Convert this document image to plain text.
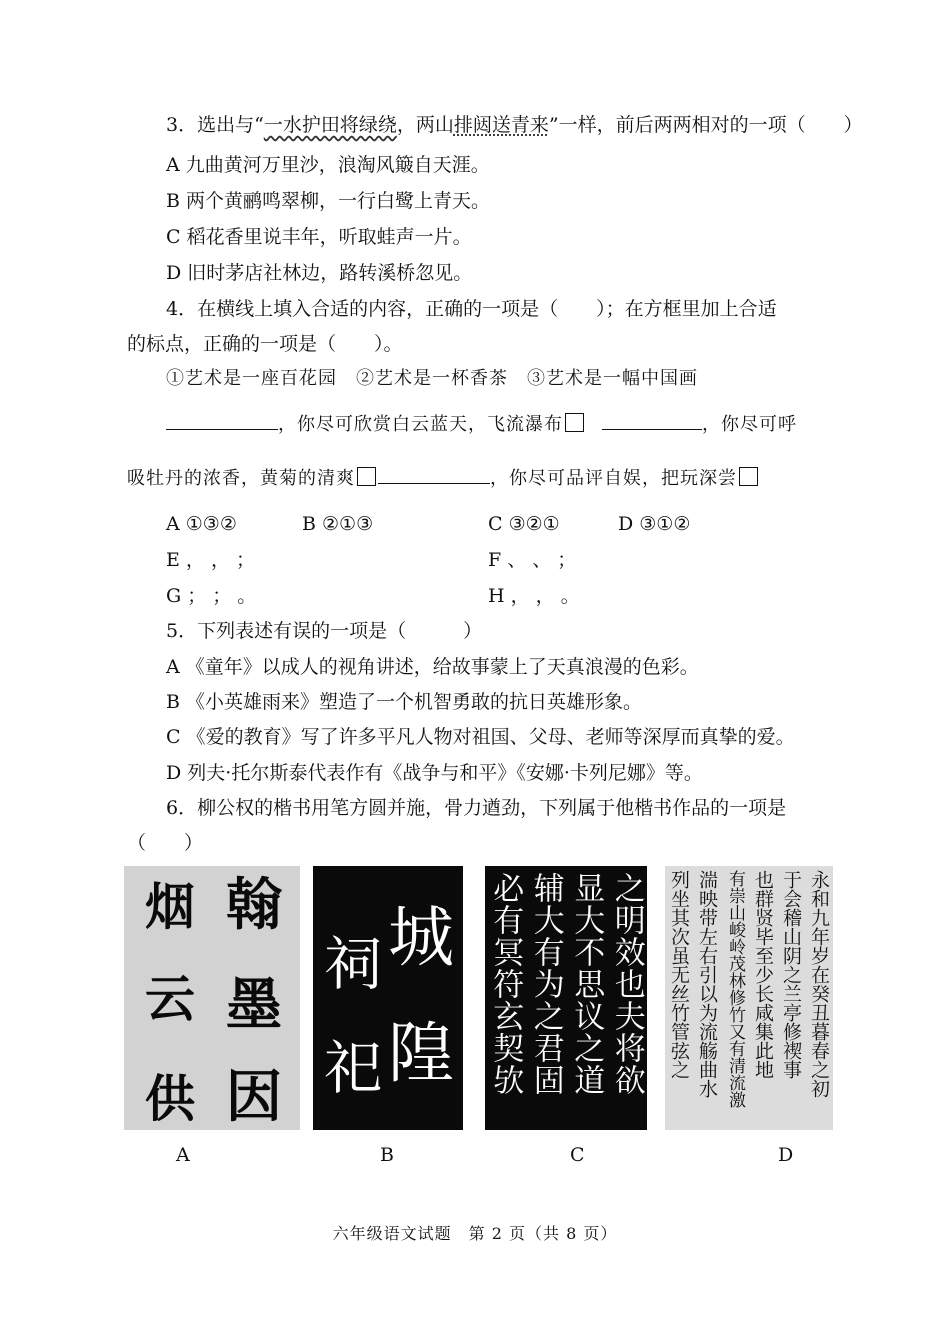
3．选出与“一水护田将绿绕，两山排闼送青来”一样，前后两两相对的一项（　　）
A 九曲黄河万里沙，浪淘风簸自天涯。
B 两个黄鹂鸣翠柳，一行白鹭上青天。
C 稻花香里说丰年，听取蛙声一片。
D 旧时茅店社林边，路转溪桥忽见。
4．在横线上填入合适的内容，正确的一项是（　　）；在方框里加上合适
的标点，正确的一项是（　　）。
①艺术是一座百花园　②艺术是一杯香茶　③艺术是一幅中国画
，你尽可欣赏白云蓝天，飞流瀑布	，你尽可呼
吸牡丹的浓香，黄菊的清爽	，你尽可品评自娱，把玩深尝
A ①③②	B ②①③	C ③②①	D ③①②
E ， ， ；	F 、 、 ；
G ； ； 。	H ， ， 。
5．下列表述有误的一项是（　　　）
A 《童年》以成人的视角讲述，给故事蒙上了天真浪漫的色彩。
B 《小英雄雨来》塑造了一个机智勇敢的抗日英雄形象。
C 《爱的教育》写了许多平凡人物对祖国、父母、老师等深厚而真挚的爱。
D 列夫·托尔斯泰代表作有《战争与和平》《安娜·卡列尼娜》等。
6．柳公权的楷书用笔方圆并施，骨力遒劲，下列属于他楷书作品的一项是
（　　）
翰
墨
因
烟
云
供
城
隍
祠
祀	之明效也夫将欲
显大不思议之道
辅大有为之君固
必有冥符玄契欤	永和九年岁在癸丑暮春之初
于会稽山阴之兰亭修禊事
也群贤毕至少长咸集此地
有崇山峻岭茂林修竹又有清流激
湍映带左右引以为流觞曲水
列坐其次虽无丝竹管弦之
A	B	C	D
六年级语文试题　第 2 页（共 8 页）
